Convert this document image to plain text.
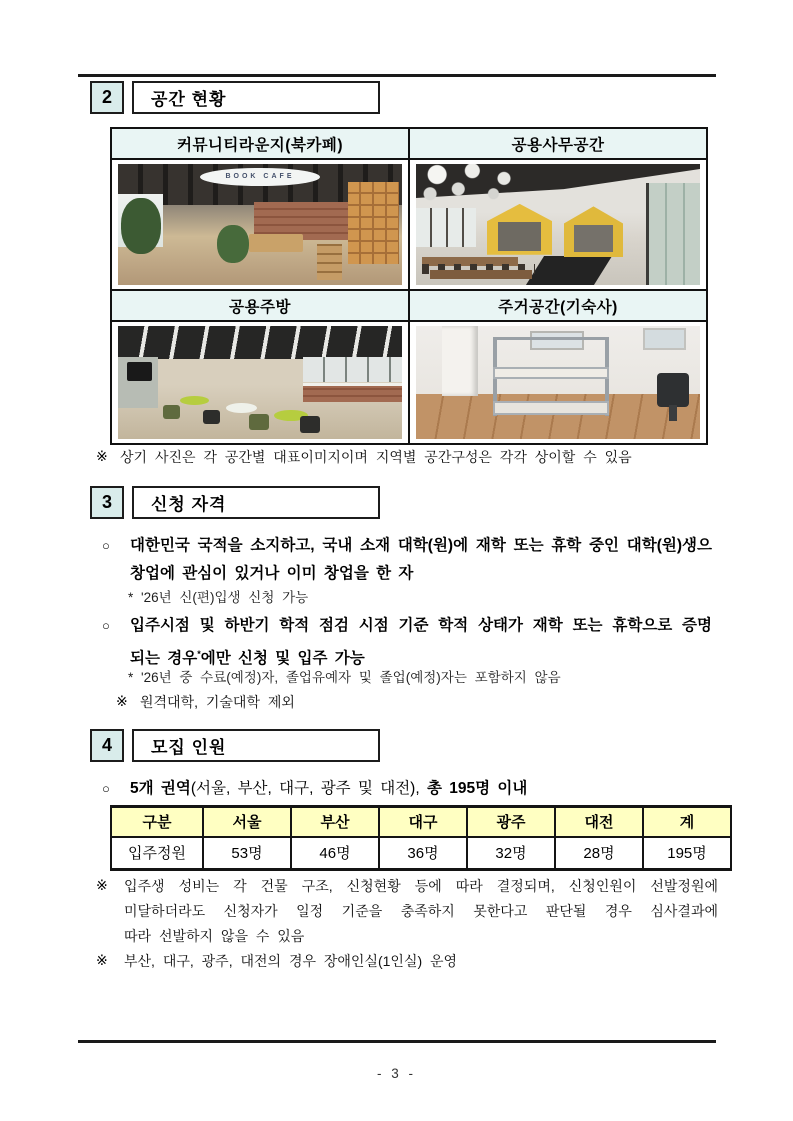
2	공간 현황
커뮤니티라운지(북카페)	공용사무공간
BOOK CAFE
공용주방	주거공간(기숙사)
※ 상기 사진은 각 공간별 대표이미지이며 지역별 공간구성은 각각 상이할 수 있음
3	신청 자격
○ 대한민국 국적을 소지하고, 국내 소재 대학(원)에 재학 또는 휴학 중인 대학(원)생으
창업에 관심이 있거나 이미 창업을 한 자
* '26년 신(편)입생 신청 가능
○ 입주시점 및 하반기 학적 점검 시점 기준 학적 상태가 재학 또는 휴학으로 증명
되는 경우*에만 신청 및 입주 가능
* '26년 중 수료(예정)자, 졸업유예자 및 졸업(예정)자는 포함하지 않음
※ 원격대학, 기술대학 제외
4	모집 인원
○ 5개 권역(서울, 부산, 대구, 광주 및 대전), 총 195명 이내
구분	서울	부산	대구	광주	대전	계
입주정원	53명	46명	36명	32명	28명	195명
※ 입주생 성비는 각 건물 구조, 신청현황 등에 따라 결정되며, 신청인원이 선발정원에
미달하더라도 신청자가 일정 기준을 충족하지 못한다고 판단될 경우 심사결과에
따라 선발하지 않을 수 있음
※ 부산, 대구, 광주, 대전의 경우 장애인실(1인실) 운영
- 3 -
